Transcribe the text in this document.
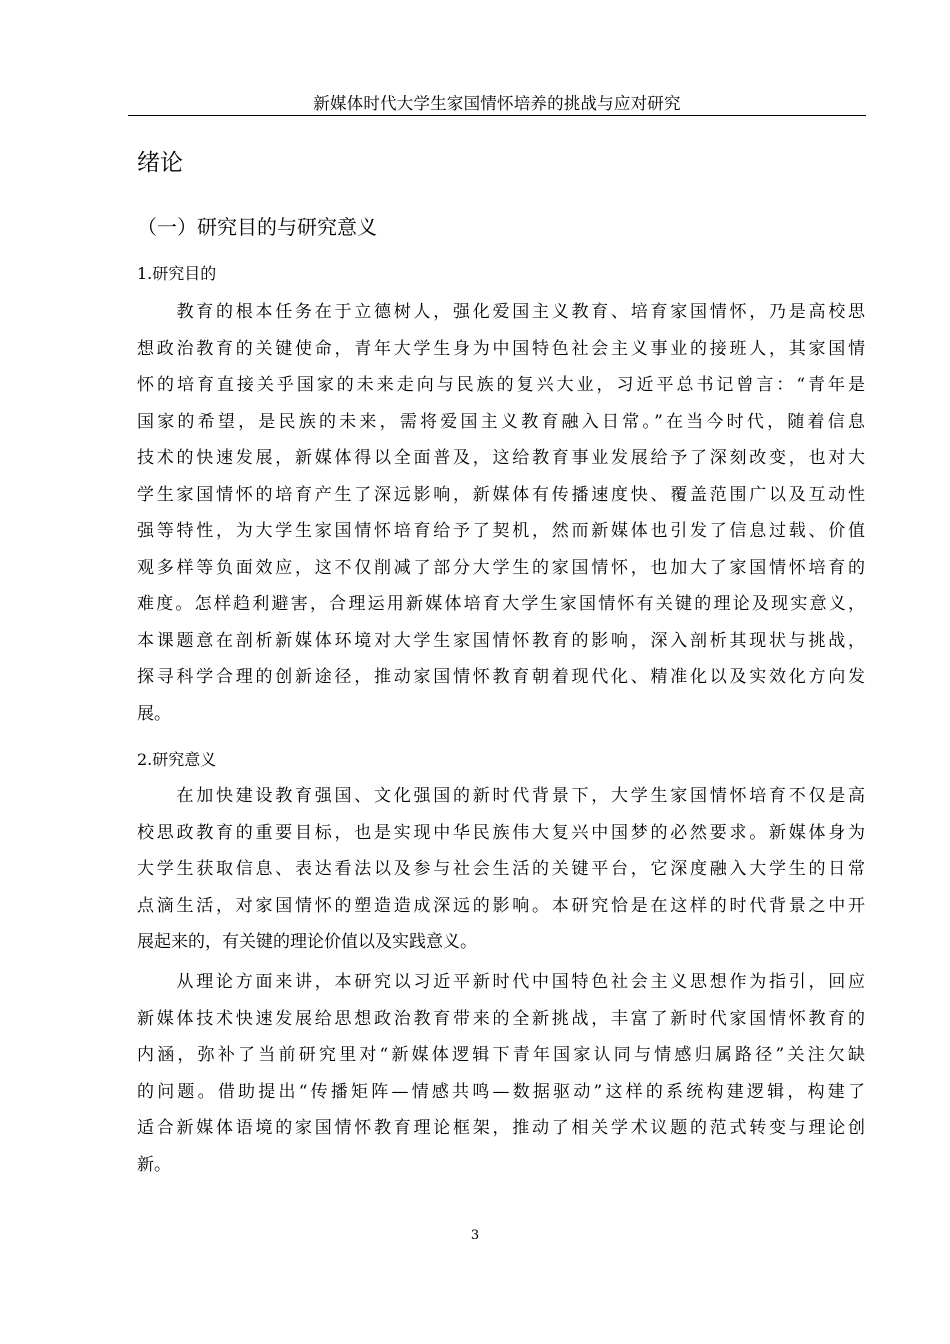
新媒体时代大学生家国情怀培养的挑战与应对研究
绪论
（一）研究目的与研究意义
1.研究目的
　　教育的根本任务在于立德树人，强化爱国主义教育、培育家国情怀，乃是高校思
想政治教育的关键使命，青年大学生身为中国特色社会主义事业的接班人，其家国情
怀的培育直接关乎国家的未来走向与民族的复兴大业，习近平总书记曾言：“青年是
国家的希望，是民族的未来，需将爱国主义教育融入日常。”在当今时代，随着信息
技术的快速发展，新媒体得以全面普及，这给教育事业发展给予了深刻改变，也对大
学生家国情怀的培育产生了深远影响，新媒体有传播速度快、覆盖范围广以及互动性
强等特性，为大学生家国情怀培育给予了契机，然而新媒体也引发了信息过载、价值
观多样等负面效应，这不仅削减了部分大学生的家国情怀，也加大了家国情怀培育的
难度。怎样趋利避害，合理运用新媒体培育大学生家国情怀有关键的理论及现实意义，
本课题意在剖析新媒体环境对大学生家国情怀教育的影响，深入剖析其现状与挑战，
探寻科学合理的创新途径，推动家国情怀教育朝着现代化、精准化以及实效化方向发
展。
2.研究意义
　　在加快建设教育强国、文化强国的新时代背景下，大学生家国情怀培育不仅是高
校思政教育的重要目标，也是实现中华民族伟大复兴中国梦的必然要求。新媒体身为
大学生获取信息、表达看法以及参与社会生活的关键平台，它深度融入大学生的日常
点滴生活，对家国情怀的塑造造成深远的影响。本研究恰是在这样的时代背景之中开
展起来的，有关键的理论价值以及实践意义。
　　从理论方面来讲，本研究以习近平新时代中国特色社会主义思想作为指引，回应
新媒体技术快速发展给思想政治教育带来的全新挑战，丰富了新时代家国情怀教育的
内涵，弥补了当前研究里对“新媒体逻辑下青年国家认同与情感归属路径”关注欠缺
的问题。借助提出“传播矩阵—情感共鸣—数据驱动”这样的系统构建逻辑，构建了
适合新媒体语境的家国情怀教育理论框架，推动了相关学术议题的范式转变与理论创
新。
3
